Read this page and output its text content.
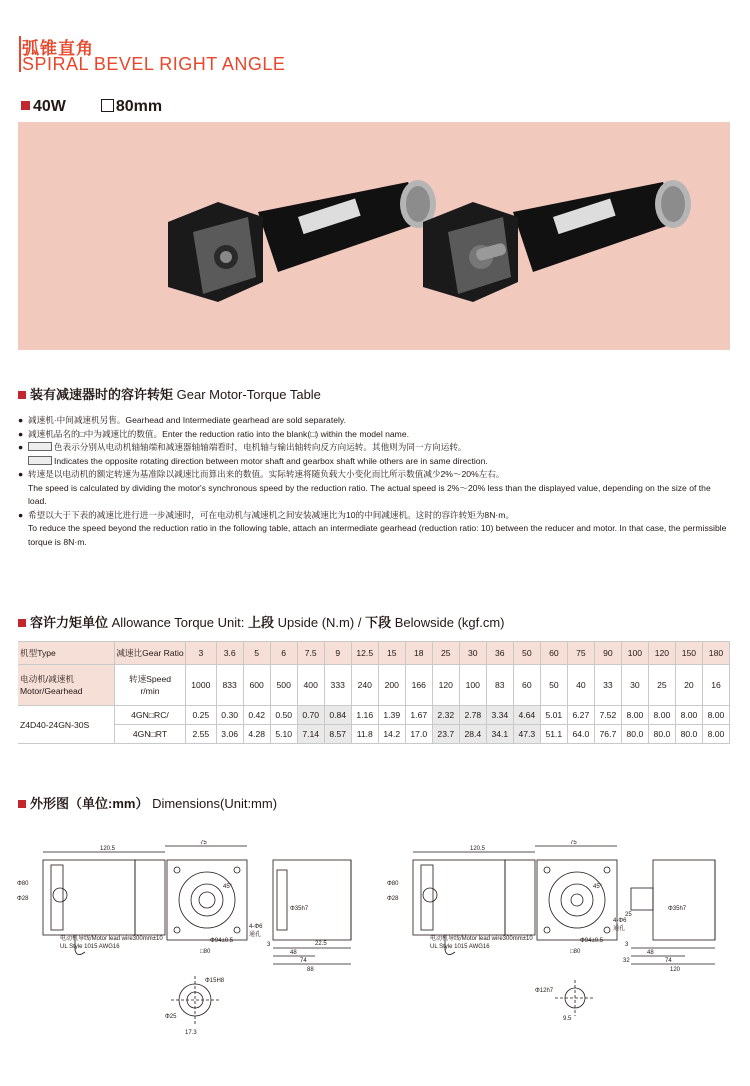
弧锥直角
SPIRAL BEVEL RIGHT ANGLE
40W	80mm
装有减速器时的容许转矩 Gear Motor-Torque Table
● 减速机·中间减速机另售。Gearhead and Intermediate gearhead are sold separately.
● 减速机品名的□中为减速比的数值。Enter the reduction ratio into the blank(□) within the model name.
●	色表示分别从电动机轴轴端和减速器轴轴端看时，电机轴与输出轴转向反方向运转。其他则为同一方向运转。
Indicates the opposite rotating direction between motor shaft and gearbox shaft while others are in same direction.
● 转速是以电动机的额定转速为基准除以减速比而算出来的数值。实际转速将随负载大小变化而比所示数值减少2%～20%左右。
The speed is calculated by dividing the motor's synchronous speed by the reduction ratio. The actual speed is 2%～20% less than the displayed value, depending on the size of the load.
● 希望以大于下表的减速比进行进一步减速时，可在电动机与减速机之间安装减速比为10的中间减速机。这时的容许转矩为8N·m。
To reduce the speed beyond the reduction ratio in the following table, attach an intermediate gearhead (reduction ratio: 10) between the reducer and motor. In that case, the permissible torque is 8N·m.
容许力矩单位 Allowance Torque Unit: 上段 Upside (N.m) / 下段 Belowside (kgf.cm)
机型Type	减速比Gear Ratio	3	3.6	5	6	7.5	9	12.5	15	18	25	30	36	50	60	75	90	100	120	150	180
电动机/减速机
Motor/Gearhead	转速Speed
r/min	1000	833	600	500	400	333	240	200	166	120	100	83	60	50	40	33	30	25	20	16
Z4D40-24GN-30S	4GN□RC/	0.25	0.30	0.42	0.50	0.70	0.84	1.16	1.39	1.67	2.32	2.78	3.34	4.64	5.01	6.27	7.52	8.00	8.00	8.00	8.00
	4GN□RT	2.55	3.06	4.28	5.10	7.14	8.57	11.8	14.2	17.0	23.7	28.4	34.1	47.3	51.1	64.0	76.7	80.0	80.0	80.0	8.00
外形图（单位:mm） Dimensions(Unit:mm)
120.5
75
Φ80
Φ28
45°
4-Φ6
通孔
Φ94±0.5
□80
Φ35h7
3
48
74
88
22.5
电动机导线/Motor lead wire300mm±10
UL Style 1015 AWG16
Φ15H8
Φ25
17.3
120.5
75
Φ80
Φ28
45°
4-Φ6
通孔
Φ94±0.5
□80
Φ35h7
3
48
74
32
120
25
电动机导线/Motor lead wire300mm±10
UL Style 1015 AWG16
Φ12h7
9.5
